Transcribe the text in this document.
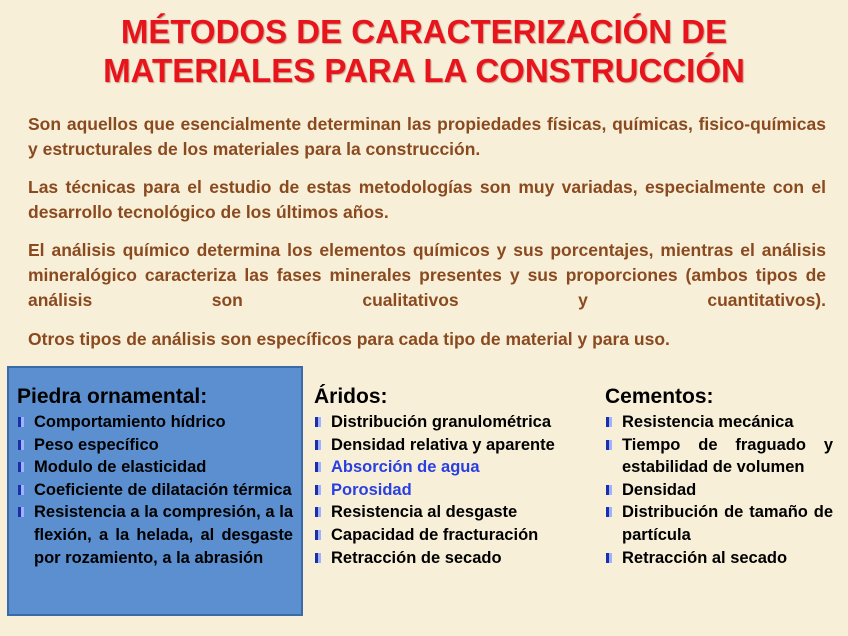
MÉTODOS DE CARACTERIZACIÓN DE
MATERIALES PARA LA CONSTRUCCIÓN

Son aquellos que esencialmente determinan las propiedades físicas, químicas, fisico-químicas y estructurales de los materiales para la construcción.

Las técnicas para el estudio de estas metodologías son muy variadas, especialmente con el desarrollo tecnológico de los últimos años.

El análisis químico determina los elementos químicos y sus porcentajes, mientras el análisis mineralógico caracteriza las fases minerales presentes y sus proporciones (ambos tipos de análisis son cualitativos y cuantitativos).

Otros tipos de análisis son específicos para cada tipo de material y para uso.

Piedra ornamental:
Comportamiento hídrico
Peso específico
Modulo de elasticidad
Coeficiente de dilatación térmica
Resistencia a la compresión, a la flexión, a la helada, al desgaste por rozamiento, a la abrasión
Áridos:
Distribución granulométrica
Densidad relativa y aparente
Absorción de agua
Porosidad
Resistencia al desgaste
Capacidad de fracturación
Retracción de secado
Cementos:
Resistencia mecánica
Tiempo de fraguado y estabilidad de volumen
Densidad
Distribución de tamaño de partícula
Retracción al secado
